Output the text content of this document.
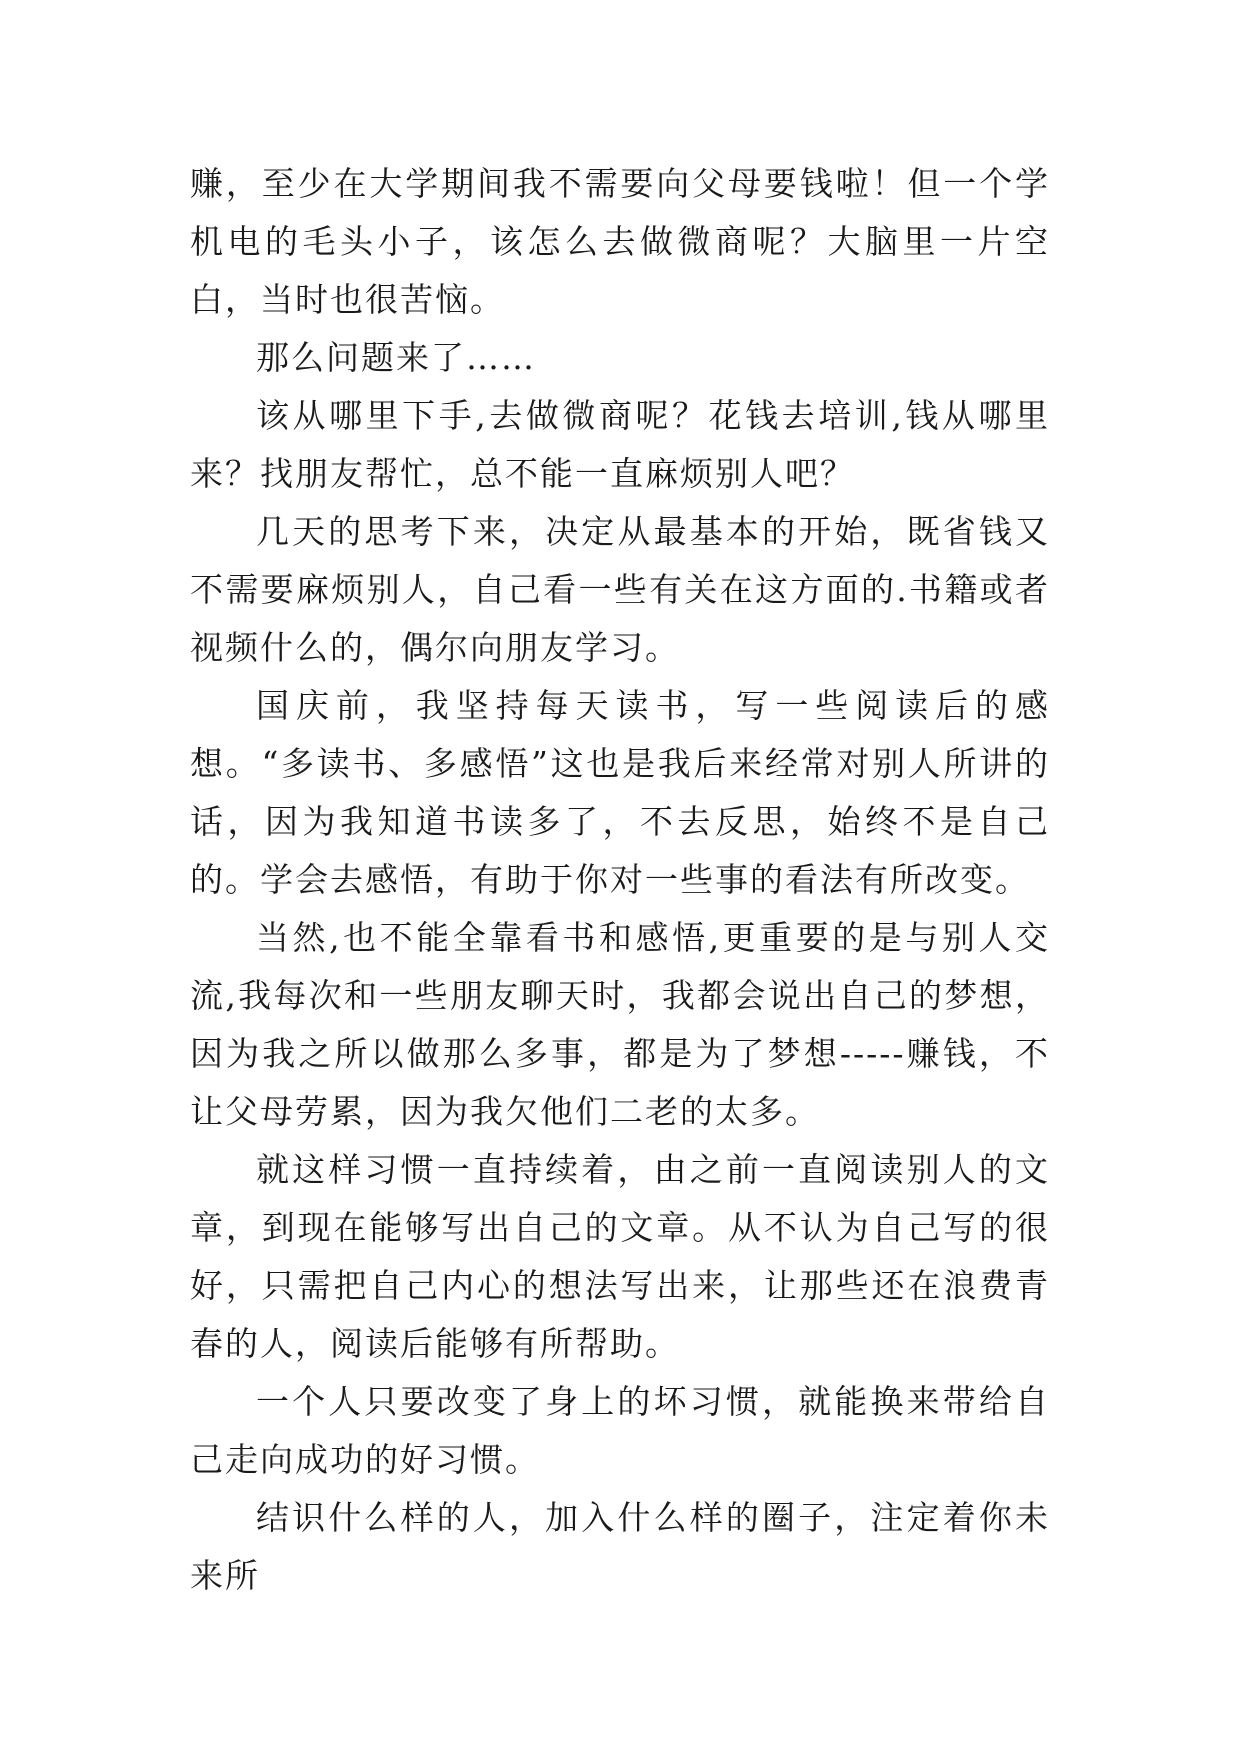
赚，至少在大学期间我不需要向父母要钱啦！但一个学机电的毛头小子，该怎么去做微商呢？大脑里一片空白，当时也很苦恼。

那么问题来了……

该从哪里下手,去做微商呢？花钱去培训,钱从哪里来？找朋友帮忙，总不能一直麻烦别人吧？

几天的思考下来，决定从最基本的开始，既省钱又不需要麻烦别人，自己看一些有关在这方面的.书籍或者视频什么的，偶尔向朋友学习。

国庆前，我坚持每天读书，写一些阅读后的感想。“多读书、多感悟”这也是我后来经常对别人所讲的话，因为我知道书读多了，不去反思，始终不是自己的。学会去感悟，有助于你对一些事的看法有所改变。

当然,也不能全靠看书和感悟,更重要的是与别人交流,我每次和一些朋友聊天时，我都会说出自己的梦想，因为我之所以做那么多事，都是为了梦想-----赚钱，不让父母劳累，因为我欠他们二老的太多。

就这样习惯一直持续着，由之前一直阅读别人的文章，到现在能够写出自己的文章。从不认为自己写的很好，只需把自己内心的想法写出来，让那些还在浪费青春的人，阅读后能够有所帮助。

一个人只要改变了身上的坏习惯，就能换来带给自己走向成功的好习惯。

结识什么样的人，加入什么样的圈子，注定着你未来所
